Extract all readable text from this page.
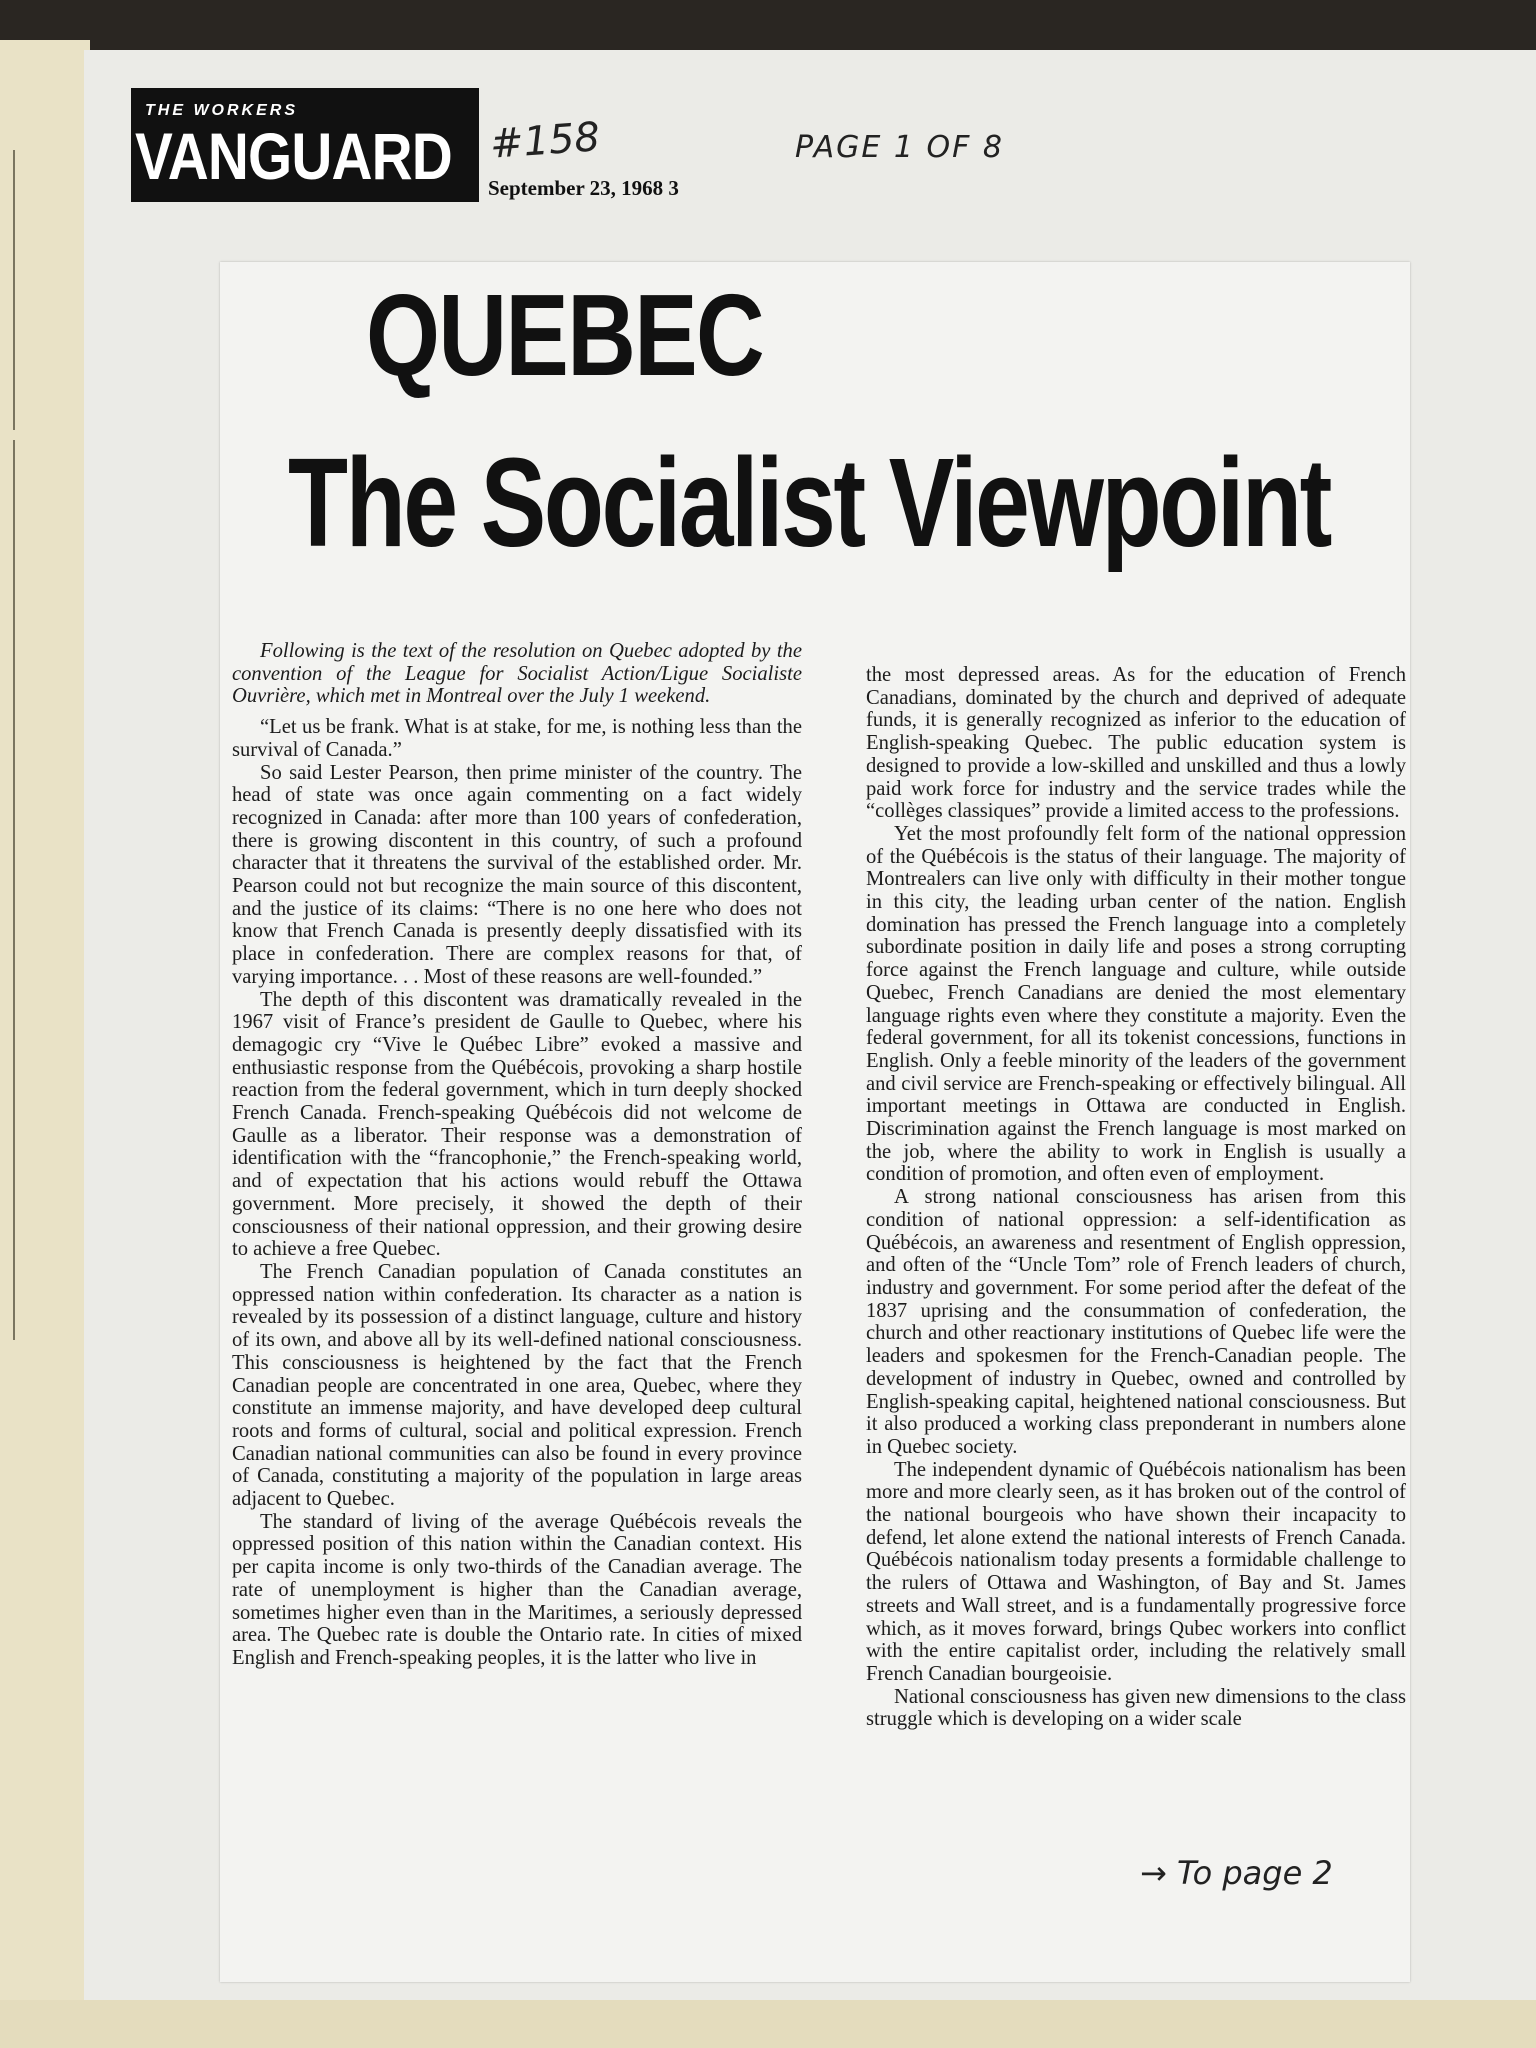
THE WORKERS
VANGUARD #158	PAGE 1 OF 8
September 23, 1968 3
QUEBEC
The Socialist Viewpoint

Following is the text of the resolution on Quebec adopted by the convention of the League for Socialist Action/Ligue Socialiste Ouvrière, which met in Montreal over the July 1 weekend.

“Let us be frank. What is at stake, for me, is nothing less than the survival of Canada.”

So said Lester Pearson, then prime minister of the country. The head of state was once again commenting on a fact widely recognized in Canada: after more than 100 years of confederation, there is growing discontent in this country, of such a profound character that it threatens the survival of the established order. Mr. Pearson could not but recognize the main source of this discontent, and the justice of its claims: “There is no one here who does not know that French Canada is presently deeply dissatisfied with its place in confederation. There are complex reasons for that, of varying importance. . . Most of these reasons are well-founded.”

The depth of this discontent was dramatically revealed in the 1967 visit of France’s president de Gaulle to Quebec, where his demagogic cry “Vive le Québec Libre” evoked a massive and enthusiastic response from the Québécois, provoking a sharp hostile reaction from the federal government, which in turn deeply shocked French Canada. French-speaking Québécois did not welcome de Gaulle as a liberator. Their response was a demonstration of identification with the “francophonie,” the French-speaking world, and of expectation that his actions would rebuff the Ottawa government. More precisely, it showed the depth of their consciousness of their national oppression, and their growing desire to achieve a free Quebec.

The French Canadian population of Canada constitutes an oppressed nation within confederation. Its character as a nation is revealed by its possession of a distinct language, culture and history of its own, and above all by its well-defined national consciousness. This consciousness is heightened by the fact that the French Canadian people are concentrated in one area, Quebec, where they constitute an immense majority, and have developed deep cultural roots and forms of cultural, social and political expression. French Canadian national communities can also be found in every province of Canada, constituting a majority of the population in large areas adjacent to Quebec.

The standard of living of the average Québécois reveals the oppressed position of this nation within the Canadian context. His per capita income is only two-thirds of the Canadian average. The rate of unemployment is higher than the Canadian average, sometimes higher even than in the Maritimes, a seriously depressed area. The Quebec rate is double the Ontario rate. In cities of mixed English and French-speaking peoples, it is the latter who live in

the most depressed areas. As for the education of French Canadians, dominated by the church and deprived of adequate funds, it is generally recognized as inferior to the education of English-speaking Quebec. The public education system is designed to provide a low-skilled and unskilled and thus a lowly paid work force for industry and the service trades while the “collèges classiques” provide a limited access to the professions.

Yet the most profoundly felt form of the national oppression of the Québécois is the status of their language. The majority of Montrealers can live only with difficulty in their mother tongue in this city, the leading urban center of the nation. English domination has pressed the French language into a completely subordinate position in daily life and poses a strong corrupting force against the French language and culture, while outside Quebec, French Canadians are denied the most elementary language rights even where they constitute a majority. Even the federal government, for all its tokenist concessions, functions in English. Only a feeble minority of the leaders of the government and civil service are French-speaking or effectively bilingual. All important meetings in Ottawa are conducted in English. Discrimination against the French language is most marked on the job, where the ability to work in English is usually a condition of promotion, and often even of employment.

A strong national consciousness has arisen from this condition of national oppression: a self-identification as Québécois, an awareness and resentment of English oppression, and often of the “Uncle Tom” role of French leaders of church, industry and government. For some period after the defeat of the 1837 uprising and the consummation of confederation, the church and other reactionary institutions of Quebec life were the leaders and spokesmen for the French-Canadian people. The development of industry in Quebec, owned and controlled by English-speaking capital, heightened national consciousness. But it also produced a working class preponderant in numbers alone in Quebec society.

The independent dynamic of Québécois nationalism has been more and more clearly seen, as it has broken out of the control of the national bourgeois who have shown their incapacity to defend, let alone extend the national interests of French Canada. Québécois nationalism today presents a formidable challenge to the rulers of Ottawa and Washington, of Bay and St. James streets and Wall street, and is a fundamentally progressive force which, as it moves forward, brings Qubec workers into conflict with the entire capitalist order, including the relatively small French Canadian bourgeoisie.

National consciousness has given new dimensions to the class struggle which is developing on a wider scale

→ To page 2
